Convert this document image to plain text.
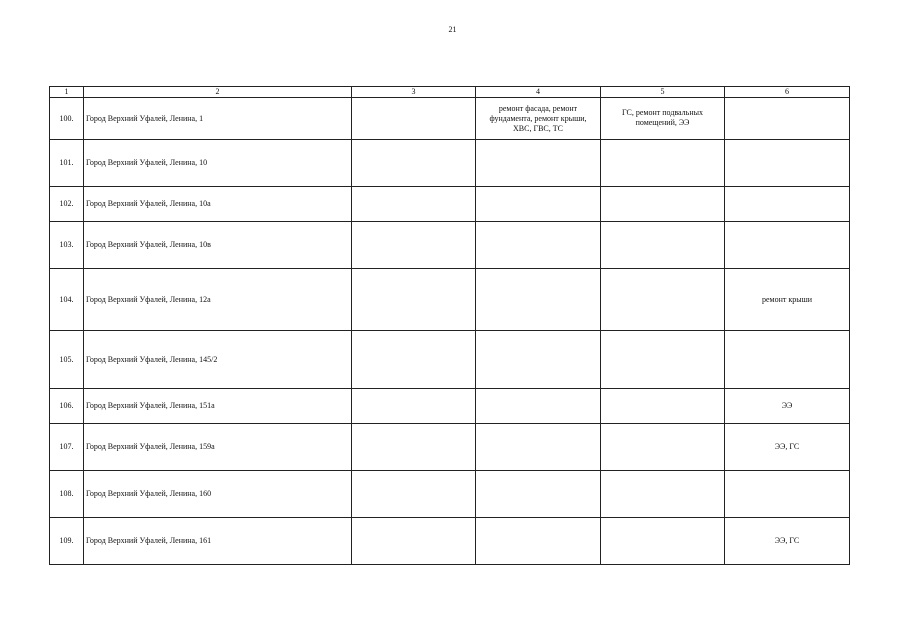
21
1	2	3	4	5	6
100.	Город Верхний Уфалей, Ленина, 1		ремонт фасада, ремонт фундамента, ремонт крыши, ХВС, ГВС, ТС	ГС, ремонт подвальных помещений, ЭЭ	
101.	Город Верхний Уфалей, Ленина, 10				
102.	Город Верхний Уфалей, Ленина, 10а				
103.	Город Верхний Уфалей, Ленина, 10в				
104.	Город Верхний Уфалей, Ленина, 12а				ремонт крыши
105.	Город Верхний Уфалей, Ленина, 145/2				
106.	Город Верхний Уфалей, Ленина, 151а				ЭЭ
107.	Город Верхний Уфалей, Ленина, 159а				ЭЭ, ГС
108.	Город Верхний Уфалей, Ленина, 160				
109.	Город Верхний Уфалей, Ленина, 161				ЭЭ, ГС
